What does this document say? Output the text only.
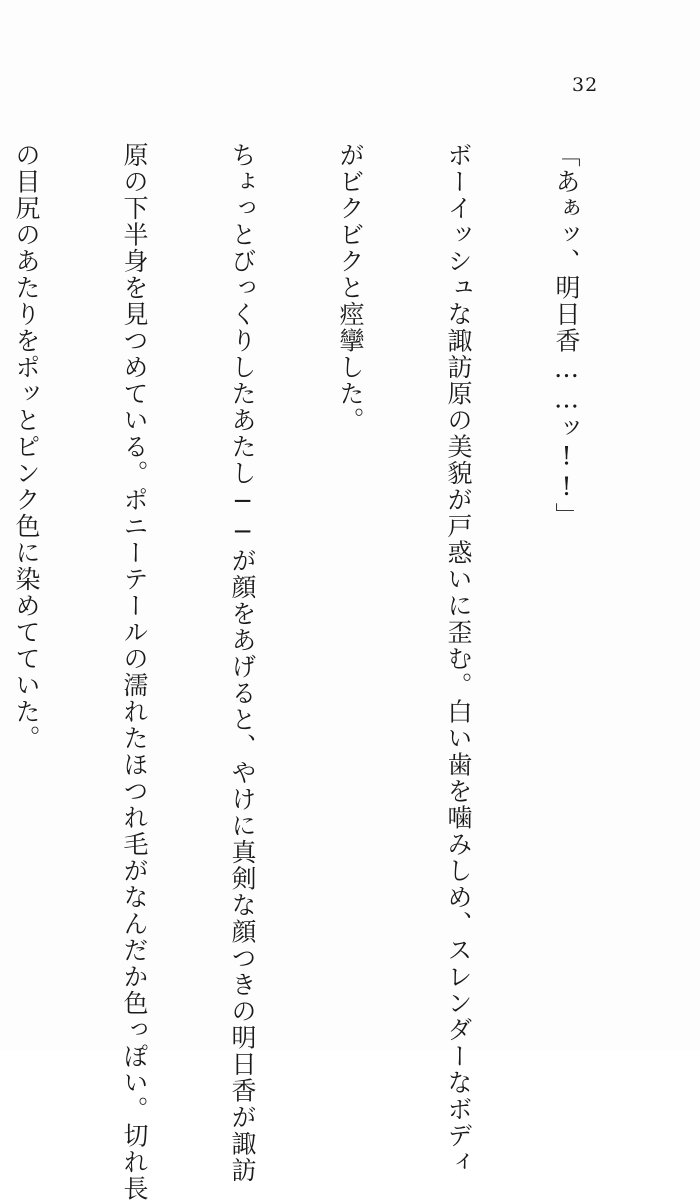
32

「あぁッ、明日香……ッ!!」

ボーイッシュな諏訪原の美貌が戸惑いに歪む。白い歯を噛みしめ、スレンダーなボディ

がビクビクと痙攣した。

ちょっとびっくりしたあたし──が顔をあげると、やけに真剣な顔つきの明日香が諏訪

原の下半身を見つめている。ポニーテールの濡れたほつれ毛がなんだか色っぽい。切れ長

の目尻のあたりをポッとピンク色に染めてていた。
